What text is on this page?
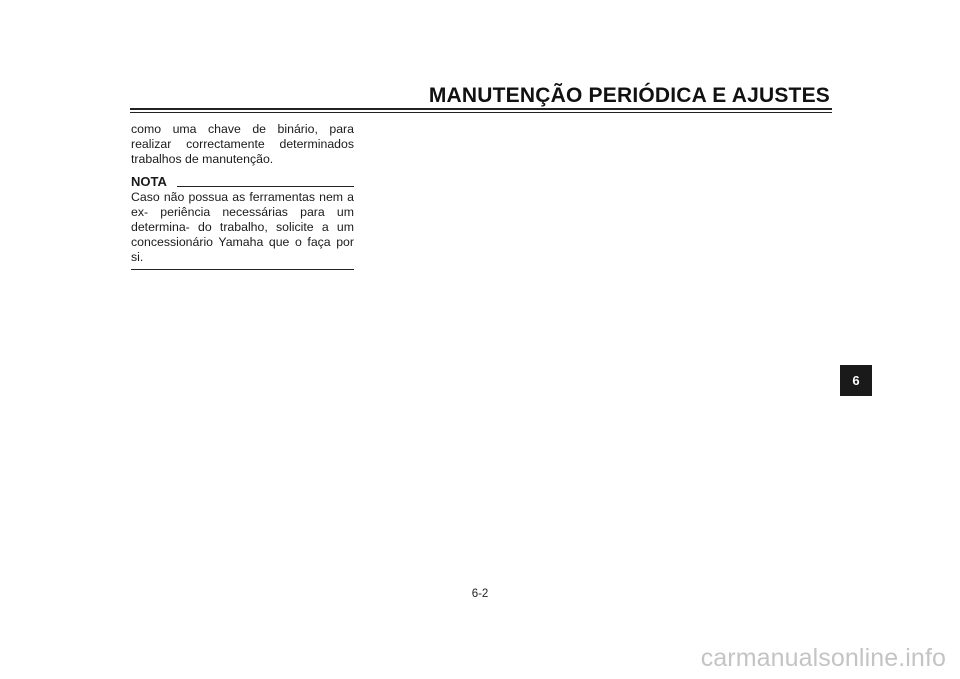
MANUTENÇÃO PERIÓDICA E AJUSTES

como uma chave de binário, para realizar correctamente determinados trabalhos de manutenção.

NOTA

Caso não possua as ferramentas nem a ex- periência necessárias para um determina- do trabalho, solicite a um concessionário Yamaha que o faça por si.

6
6-2
carmanualsonline.info
